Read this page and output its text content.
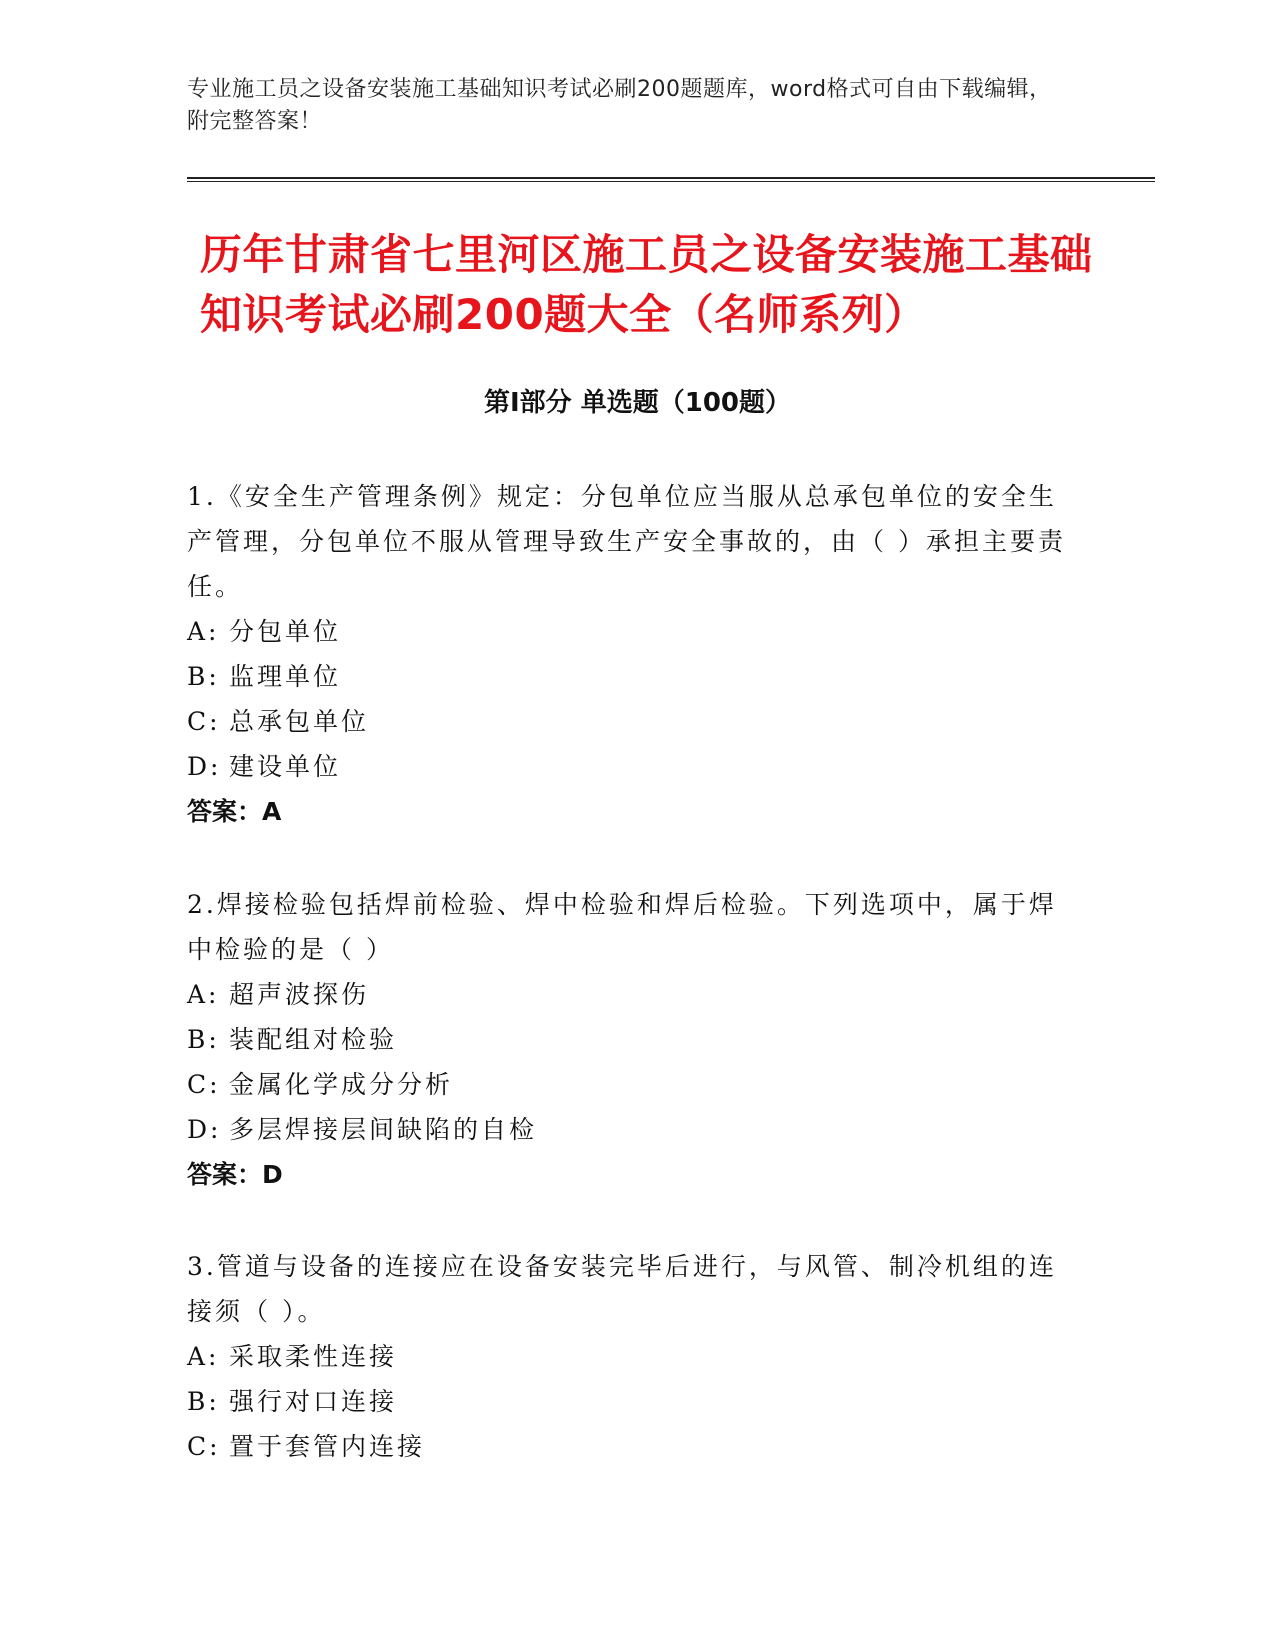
专业施工员之设备安装施工基础知识考试必刷200题题库，word格式可自由下载编辑，附完整答案！
历年甘肃省七里河区施工员之设备安装施工基础知识考试必刷200题大全（名师系列）
第Ⅰ部分 单选题（100题）

1.《安全生产管理条例》规定：分包单位应当服从总承包单位的安全生产管理，分包单位不服从管理导致生产安全事故的，由（ ）承担主要责任。

A: 分包单位
B: 监理单位
C: 总承包单位
D: 建设单位
答案：A

2.焊接检验包括焊前检验、焊中检验和焊后检验。下列选项中，属于焊中检验的是（ ）

A: 超声波探伤
B: 装配组对检验
C: 金属化学成分分析
D: 多层焊接层间缺陷的自检
答案：D

3.管道与设备的连接应在设备安装完毕后进行，与风管、制冷机组的连接须（ ）。

A: 采取柔性连接
B: 强行对口连接
C: 置于套管内连接
